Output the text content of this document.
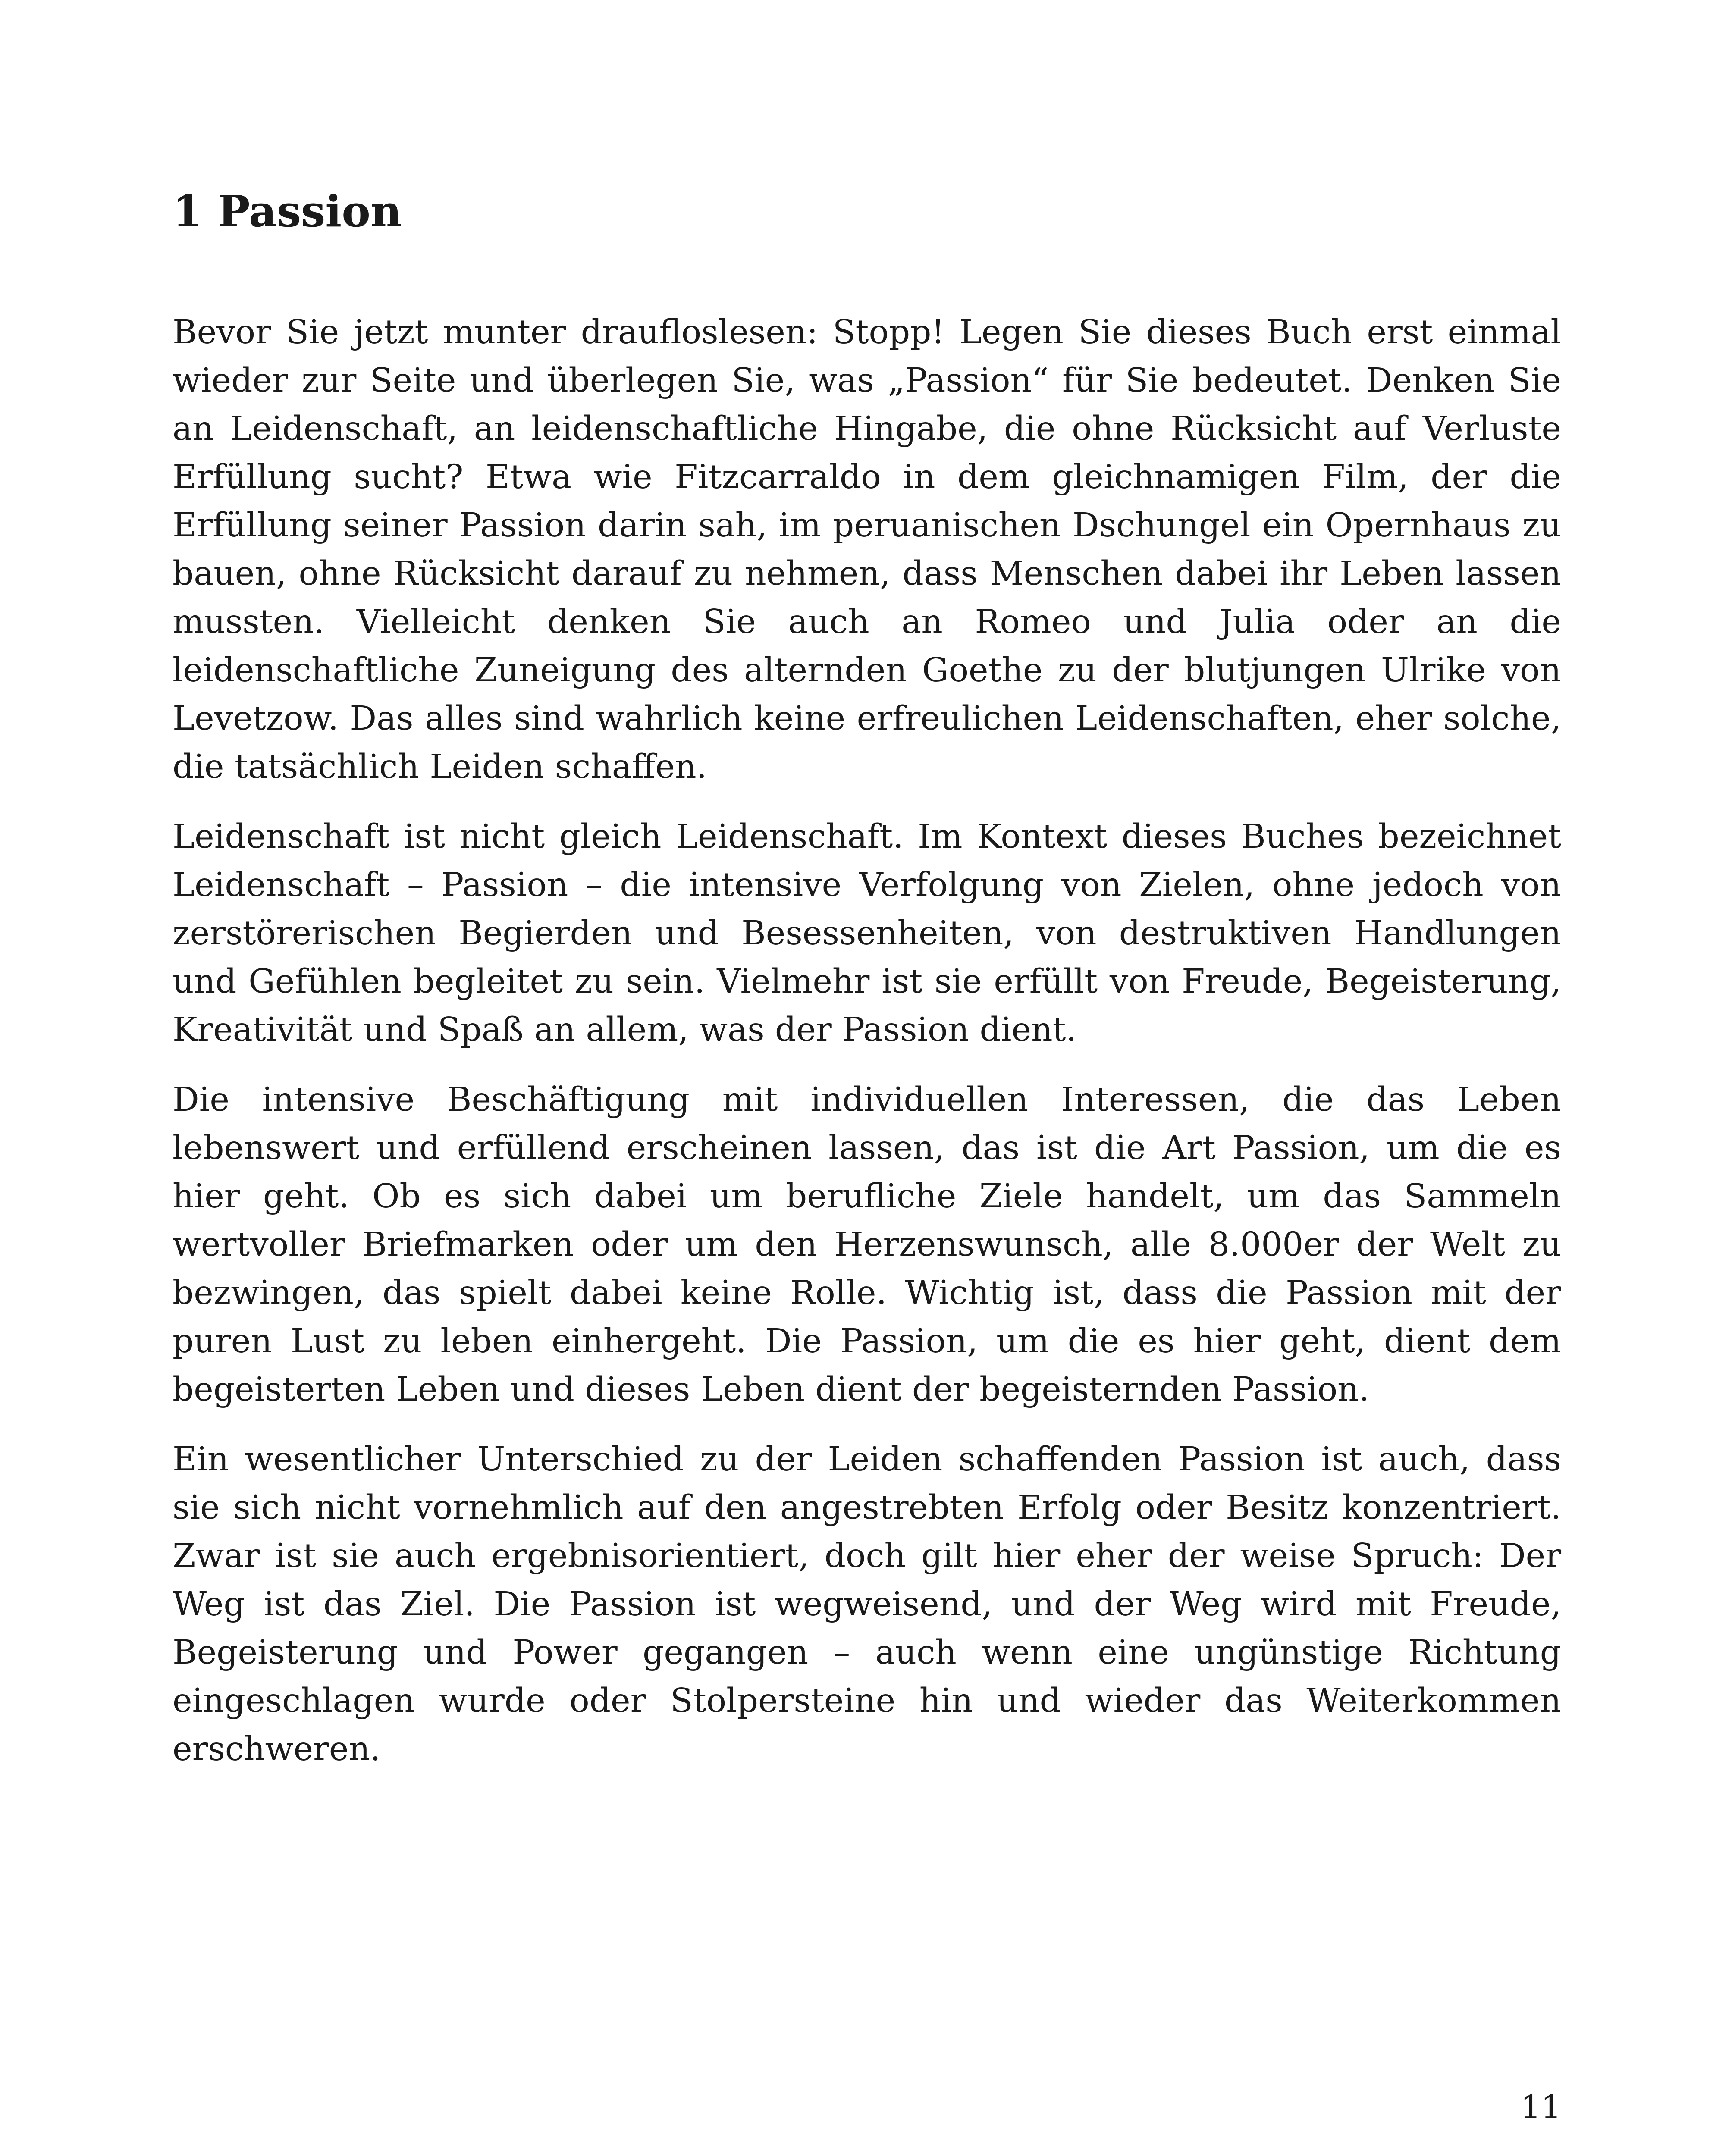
1 Passion

Bevor Sie jetzt munter draufloslesen: Stopp! Legen Sie dieses Buch erst einmal wieder zur Seite und überlegen Sie, was „Passion“ für Sie bedeutet. Denken Sie an Leidenschaft, an leidenschaftliche Hingabe, die ohne Rücksicht auf Verluste Erfüllung sucht? Etwa wie Fitzcarraldo in dem gleichnamigen Film, der die Erfüllung seiner Passion darin sah, im peruanischen Dschungel ein Opernhaus zu bauen, ohne Rücksicht darauf zu nehmen, dass Menschen dabei ihr Leben lassen mussten. Vielleicht denken Sie auch an Romeo und Julia oder an die leidenschaftliche Zuneigung des alternden Goethe zu der blutjungen Ulrike von Levetzow. Das alles sind wahrlich keine erfreulichen Leidenschaften, eher solche, die tatsächlich Leiden schaffen.

Leidenschaft ist nicht gleich Leidenschaft. Im Kontext dieses Buches bezeichnet Leidenschaft – Passion – die intensive Verfolgung von Zielen, ohne jedoch von zerstörerischen Begierden und Besessenheiten, von destruktiven Handlungen und Gefühlen begleitet zu sein. Vielmehr ist sie erfüllt von Freude, Begeisterung, Kreativität und Spaß an allem, was der Passion dient.

Die intensive Beschäftigung mit individuellen Interessen, die das Leben lebenswert und erfüllend erscheinen lassen, das ist die Art Passion, um die es hier geht. Ob es sich dabei um berufliche Ziele handelt, um das Sammeln wertvoller Briefmarken oder um den Herzenswunsch, alle 8.000er der Welt zu bezwingen, das spielt dabei keine Rolle. Wichtig ist, dass die Passion mit der puren Lust zu leben einhergeht. Die Passion, um die es hier geht, dient dem begeisterten Leben und dieses Leben dient der begeisternden Passion.

Ein wesentlicher Unterschied zu der Leiden schaffenden Passion ist auch, dass sie sich nicht vornehmlich auf den angestrebten Erfolg oder Besitz konzentriert. Zwar ist sie auch ergebnisorientiert, doch gilt hier eher der weise Spruch: Der Weg ist das Ziel. Die Passion ist wegweisend, und der Weg wird mit Freude, Begeisterung und Power gegangen – auch wenn eine ungünstige Richtung eingeschlagen wurde oder Stolpersteine hin und wieder das Weiterkommen erschweren.

11
